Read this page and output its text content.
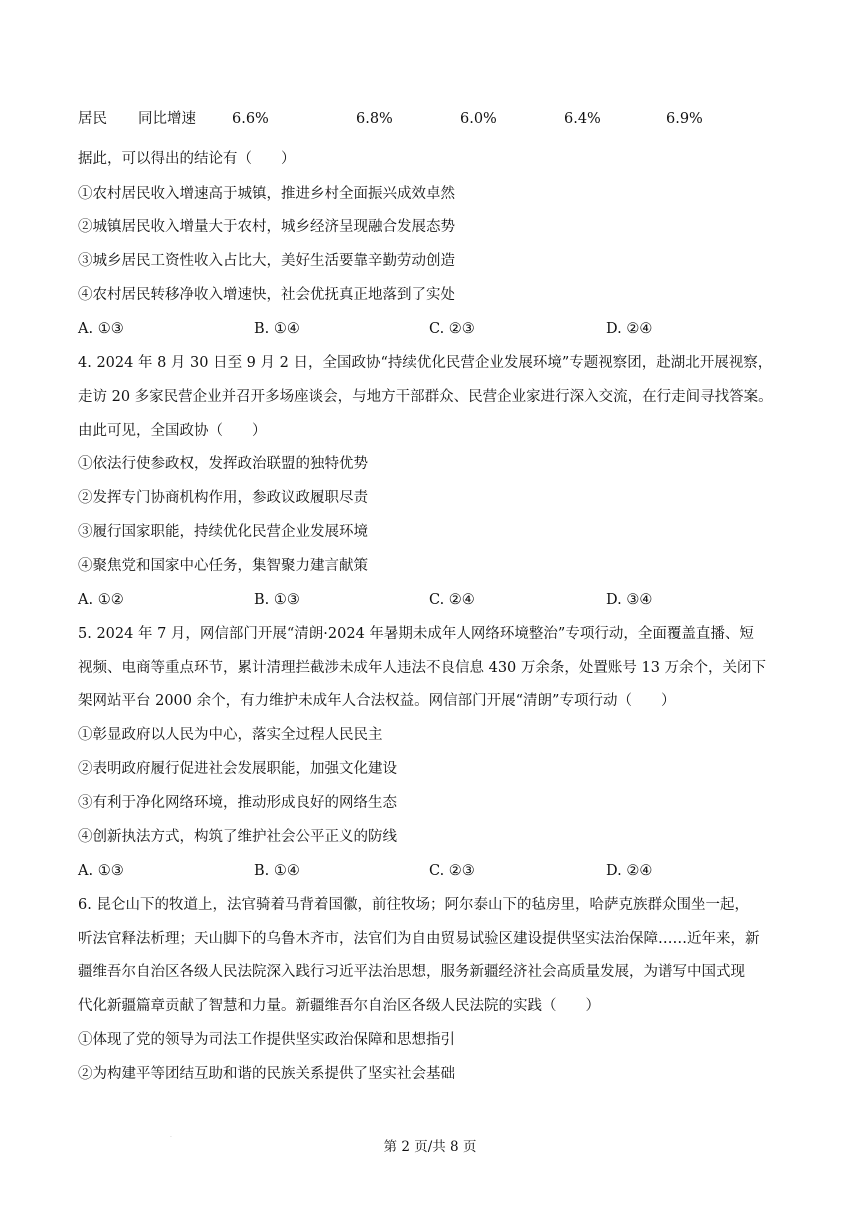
居民 同比增速 6.6%	6.8%	6.0%	6.4%	6.9%
据此，可以得出的结论有（　　）
①农村居民收入增速高于城镇，推进乡村全面振兴成效卓然
②城镇居民收入增量大于农村，城乡经济呈现融合发展态势
③城乡居民工资性收入占比大，美好生活要靠辛勤劳动创造
④农村居民转移净收入增速快，社会优抚真正地落到了实处
A. ①③	B. ①④	C. ②③	D. ②④
4. 2024 年 8 月 30 日至 9 月 2 日，全国政协“持续优化民营企业发展环境”专题视察团，赴湖北开展视察，
走访 20 多家民营企业并召开多场座谈会，与地方干部群众、民营企业家进行深入交流，在行走间寻找答案。
由此可见，全国政协（　　）
①依法行使参政权，发挥政治联盟的独特优势
②发挥专门协商机构作用，参政议政履职尽责
③履行国家职能，持续优化民营企业发展环境
④聚焦党和国家中心任务，集智聚力建言献策
A. ①②	B. ①③	C. ②④	D. ③④
5. 2024 年 7 月，网信部门开展“清朗·2024 年暑期未成年人网络环境整治”专项行动，全面覆盖直播、短
视频、电商等重点环节，累计清理拦截涉未成年人违法不良信息 430 万余条，处置账号 13 万余个，关闭下
架网站平台 2000 余个，有力维护未成年人合法权益。网信部门开展“清朗”专项行动（　　）
①彰显政府以人民为中心，落实全过程人民民主
②表明政府履行促进社会发展职能，加强文化建设
③有利于净化网络环境，推动形成良好的网络生态
④创新执法方式，构筑了维护社会公平正义的防线
A. ①③	B. ①④	C. ②③	D. ②④
6. 昆仑山下的牧道上，法官骑着马背着国徽，前往牧场；阿尔泰山下的毡房里，哈萨克族群众围坐一起，
听法官释法析理；天山脚下的乌鲁木齐市，法官们为自由贸易试验区建设提供坚实法治保障……近年来，新
疆维吾尔自治区各级人民法院深入践行习近平法治思想，服务新疆经济社会高质量发展，为谱写中国式现
代化新疆篇章贡献了智慧和力量。新疆维吾尔自治区各级人民法院的实践（　　）
①体现了党的领导为司法工作提供坚实政治保障和思想指引
②为构建平等团结互助和谐的民族关系提供了坚实社会基础
·
第 2 页/共 8 页
